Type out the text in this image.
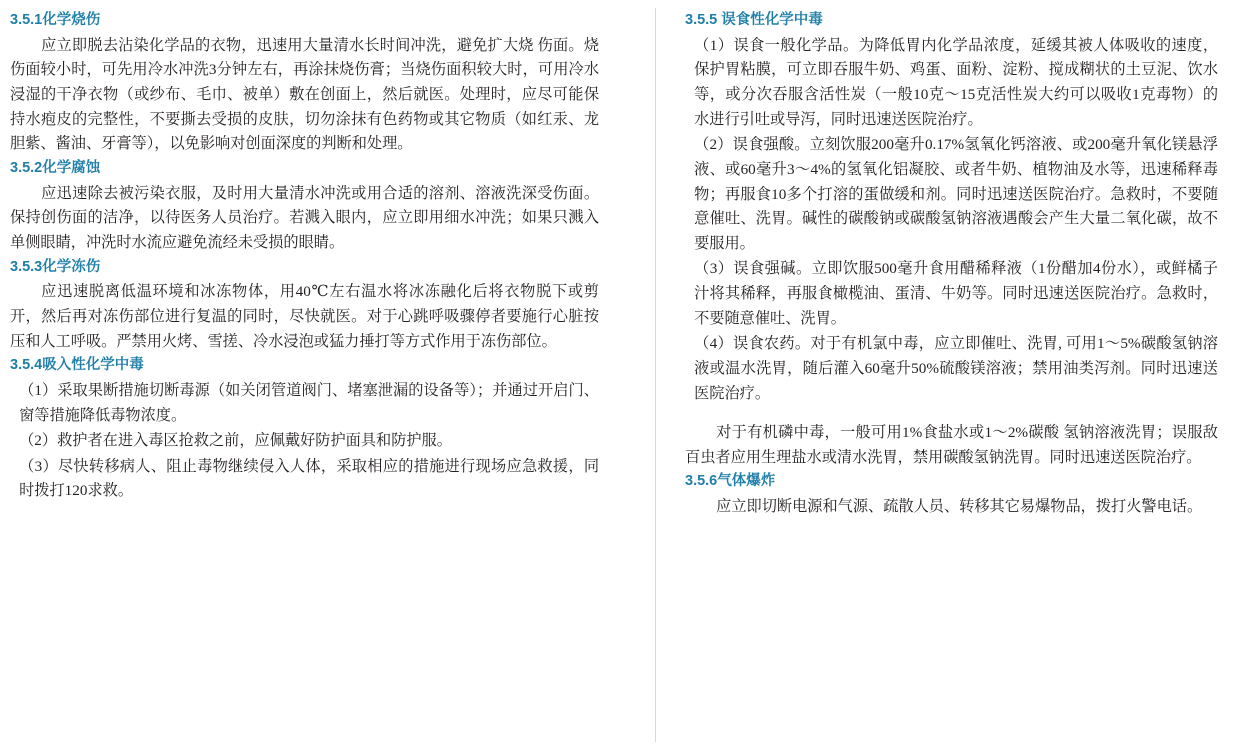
3.5.1化学烧伤

应立即脱去沾染化学品的衣物，迅速用大量清水长时间冲洗，避免扩大烧 伤面。烧伤面较小时，可先用冷水冲洗3分钟左右，再涂抹烧伤膏；当烧伤面积较大时，可用冷水浸湿的干净衣物（或纱布、毛巾、被单）敷在创面上，然后就医。处理时，应尽可能保持水疱皮的完整性，不要撕去受损的皮肤，切勿涂抹有色药物或其它物质（如红汞、龙胆紫、酱油、牙膏等），以免影响对创面深度的判断和处理。

3.5.2化学腐蚀

应迅速除去被污染衣服，及时用大量清水冲洗或用合适的溶剂、溶液洗深受伤面。保持创伤面的洁净，以待医务人员治疗。若溅入眼内，应立即用细水冲洗；如果只溅入单侧眼睛，冲洗时水流应避免流经未受损的眼睛。

3.5.3化学冻伤

应迅速脱离低温环境和冰冻物体，用40℃左右温水将冰冻融化后将衣物脱下或剪开，然后再对冻伤部位进行复温的同时，尽快就医。对于心跳呼吸骤停者要施行心脏按压和人工呼吸。严禁用火烤、雪搓、冷水浸泡或猛力捶打等方式作用于冻伤部位。

3.5.4吸入性化学中毒

（1）采取果断措施切断毒源（如关闭管道阀门、堵塞泄漏的设备等）；并通过开启门、窗等措施降低毒物浓度。

（2）救护者在进入毒区抢救之前，应佩戴好防护面具和防护服。

（3）尽快转移病人、阻止毒物继续侵入人体，采取相应的措施进行现场应急救援，同时拨打120求救。

3.5.5 误食性化学中毒

（1）误食一般化学品。为降低胃内化学品浓度，延缓其被人体吸收的速度，保护胃粘膜，可立即吞服牛奶、鸡蛋、面粉、淀粉、搅成糊状的土豆泥、饮水等，或分次吞服含活性炭（一般10克～15克活性炭大约可以吸收1克毒物）的水进行引吐或导泻，同时迅速送医院治疗。

（2）误食强酸。立刻饮服200毫升0.17%氢氧化钙溶液、或200毫升氧化镁悬浮液、或60毫升3～4%的氢氧化铝凝胶、或者牛奶、植物油及水等，迅速稀释毒物；再服食10多个打溶的蛋做缓和剂。同时迅速送医院治疗。急救时，不要随意催吐、洗胃。碱性的碳酸钠或碳酸氢钠溶液遇酸会产生大量二氧化碳，故不要服用。

（3）误食强碱。立即饮服500毫升食用醋稀释液（1份醋加4份水），或鲜橘子汁将其稀释，再服食橄榄油、蛋清、牛奶等。同时迅速送医院治疗。急救时，不要随意催吐、洗胃。

（4）误食农药。对于有机氯中毒，应立即催吐、洗胃, 可用1～5%碳酸氢钠溶液或温水洗胃，随后灌入60毫升50%硫酸镁溶液；禁用油类泻剂。同时迅速送医院治疗。

对于有机磷中毒，一般可用1%食盐水或1～2%碳酸 氢钠溶液洗胃；误服敌百虫者应用生理盐水或清水洗胃，禁用碳酸氢钠洗胃。同时迅速送医院治疗。

3.5.6气体爆炸

应立即切断电源和气源、疏散人员、转移其它易爆物品，拨打火警电话。
